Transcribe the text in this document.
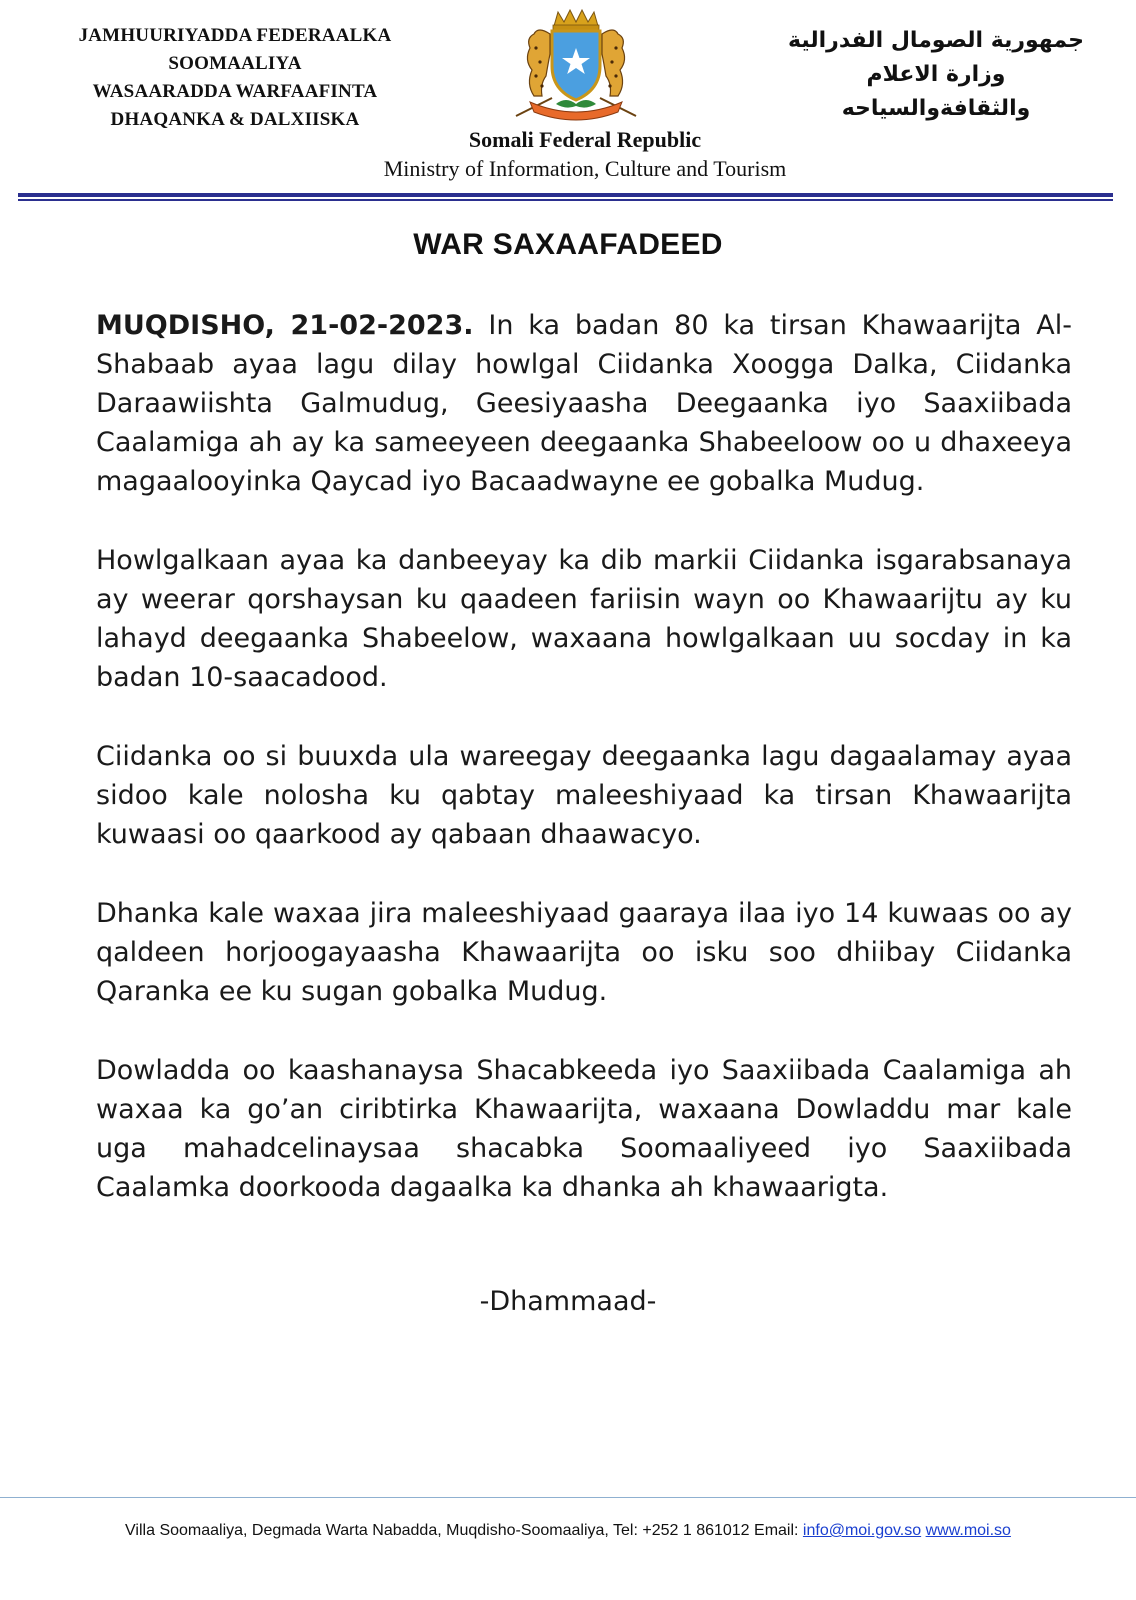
JAMHUURIYADDA FEDERAALKA
SOOMAALIYA
WASAARADDA WARFAAFINTA
DHAQANKA & DALXIISKA
جمهورية الصومال الفدرالية
وزارة الاعلام
والثقافةوالسياحه
Somali Federal Republic
Ministry of Information, Culture and Tourism
WAR SAXAAFADEED

MUQDISHO, 21-02-2023. In ka badan 80 ka tirsan Khawaarijta Al-Shabaab ayaa lagu dilay howlgal Ciidanka Xoogga Dalka, Ciidanka Daraawiishta Galmudug, Geesiyaasha Deegaanka iyo Saaxiibada Caalamiga ah ay ka sameeyeen deegaanka Shabeeloow oo u dhaxeeya magaalooyinka Qaycad iyo Bacaadwayne ee gobalka Mudug.

Howlgalkaan ayaa ka danbeeyay ka dib markii Ciidanka isgarabsanaya ay weerar qorshaysan ku qaadeen fariisin wayn oo Khawaarijtu ay ku lahayd deegaanka Shabeelow, waxaana howlgalkaan uu socday in ka badan 10-saacadood.

Ciidanka oo si buuxda ula wareegay deegaanka lagu dagaalamay ayaa sidoo kale nolosha ku qabtay maleeshiyaad ka tirsan Khawaarijta kuwaasi oo qaarkood ay qabaan dhaawacyo.

Dhanka kale waxaa jira maleeshiyaad gaaraya ilaa iyo 14 kuwaas oo ay qaldeen horjoogayaasha Khawaarijta oo isku soo dhiibay Ciidanka Qaranka ee ku sugan gobalka Mudug.

Dowladda oo kaashanaysa Shacabkeeda iyo Saaxiibada Caalamiga ah waxaa ka go’an ciribtirka Khawaarijta, waxaana Dowladdu mar kale uga mahadcelinaysaa shacabka Soomaaliyeed iyo Saaxiibada Caalamka doorkooda dagaalka ka dhanka ah khawaarigta.

-Dhammaad-
Villa Soomaaliya, Degmada Warta Nabadda, Muqdisho-Soomaaliya, Tel: +252 1 861012 Email: info@moi.gov.so www.moi.so
